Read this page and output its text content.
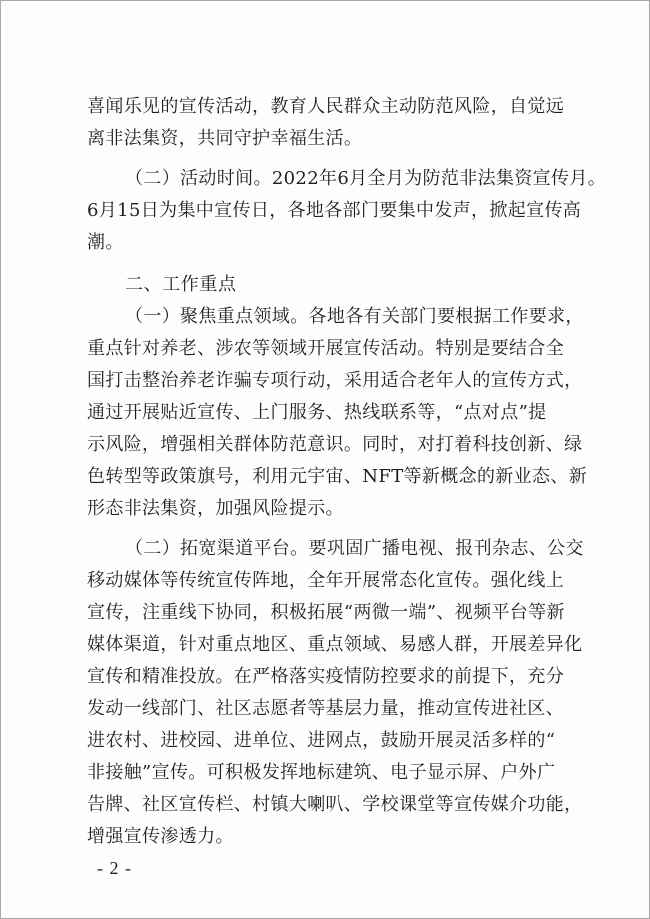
喜闻乐见的宣传活动，教育人民群众主动防范风险，自觉远
离非法集资，共同守护幸福生活。
（二）活动时间。2022年6月全月为防范非法集资宣传月。
6月15日为集中宣传日，各地各部门要集中发声，掀起宣传高
潮。
二、工作重点
（一）聚焦重点领域。各地各有关部门要根据工作要求，
重点针对养老、涉农等领域开展宣传活动。特别是要结合全
国打击整治养老诈骗专项行动，采用适合老年人的宣传方式，
通过开展贴近宣传、上门服务、热线联系等，“点对点”提
示风险，增强相关群体防范意识。同时，对打着科技创新、绿
色转型等政策旗号，利用元宇宙、NFT等新概念的新业态、新
形态非法集资，加强风险提示。
（二）拓宽渠道平台。要巩固广播电视、报刊杂志、公交
移动媒体等传统宣传阵地，全年开展常态化宣传。强化线上
宣传，注重线下协同，积极拓展“两微一端”、视频平台等新
媒体渠道，针对重点地区、重点领域、易感人群，开展差异化
宣传和精准投放。在严格落实疫情防控要求的前提下，充分
发动一线部门、社区志愿者等基层力量，推动宣传进社区、
进农村、进校园、进单位、进网点，鼓励开展灵活多样的“
非接触”宣传。可积极发挥地标建筑、电子显示屏、户外广
告牌、社区宣传栏、村镇大喇叭、学校课堂等宣传媒介功能，
增强宣传渗透力。
- 2 -
